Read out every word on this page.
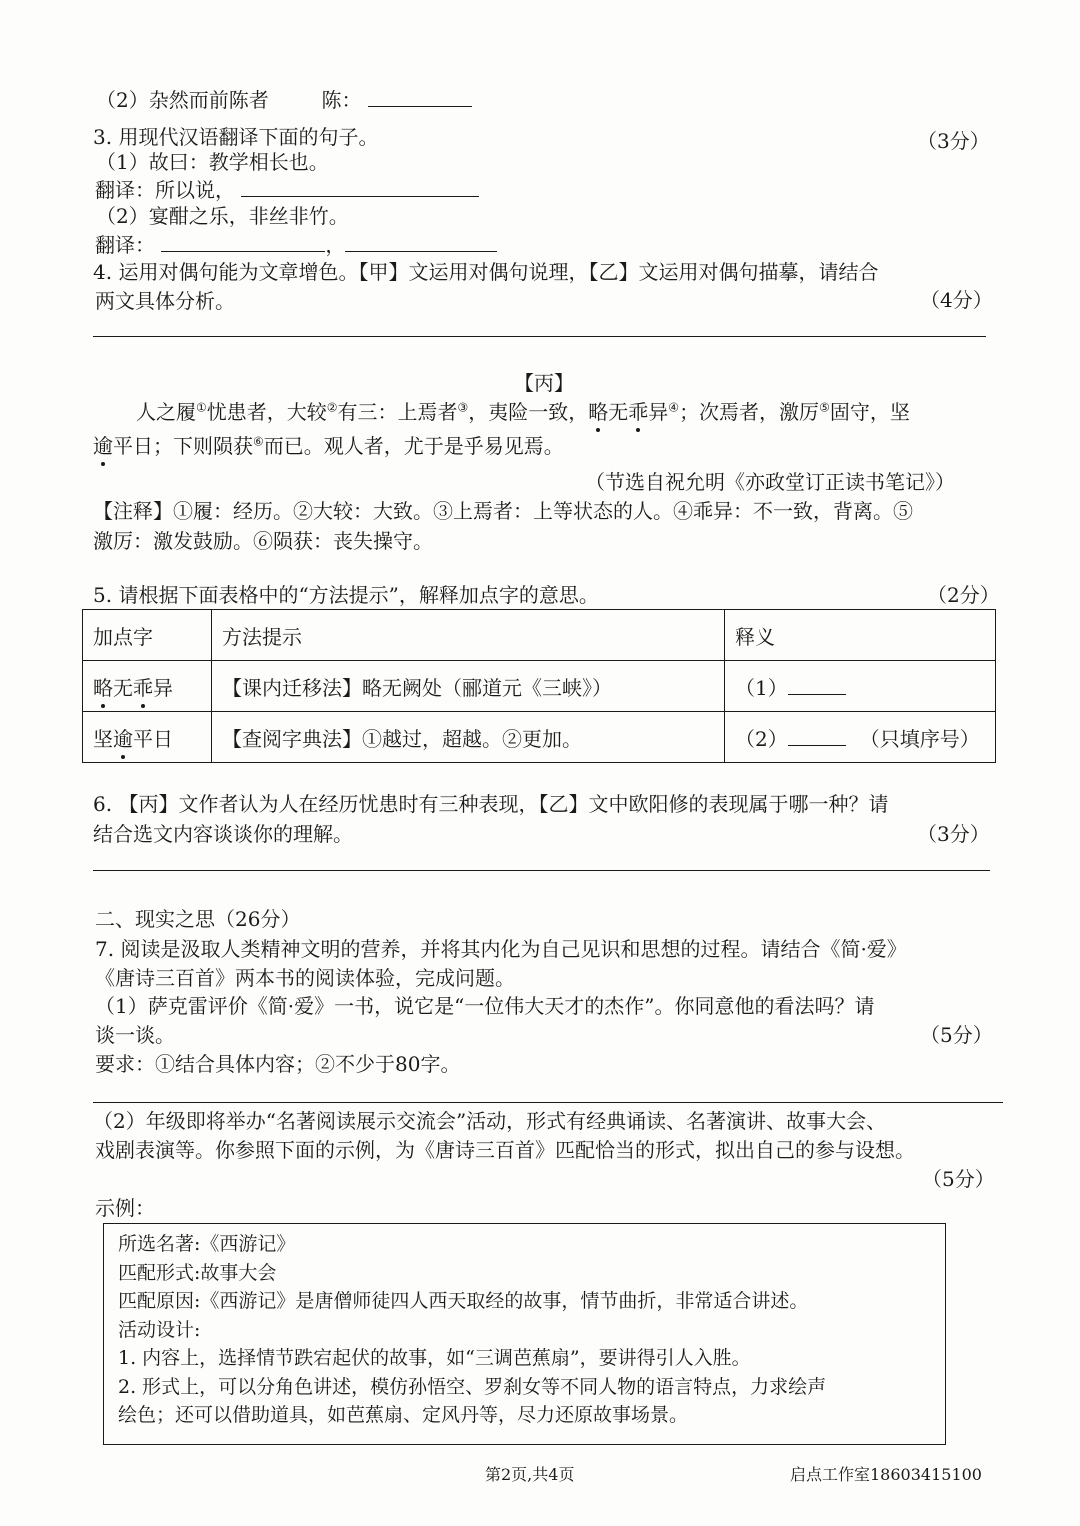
（2）杂然而前陈者	陈：
3. 用现代汉语翻译下面的句子。	（3分）
（1）故曰：教学相长也。
翻译：所以说，
（2）宴酣之乐，非丝非竹。
翻译：	，
4. 运用对偶句能为文章增色。【甲】文运用对偶句说理，【乙】文运用对偶句描摹，请结合
两文具体分析。	（4分）
【丙】
人之履①忧患者，大较②有三：上焉者③，夷险一致，略无乖异④；次焉者，激厉⑤固守，坚
逾平日；下则陨获⑥而已。观人者，尤于是乎易见焉。
（节选自祝允明《亦政堂订正读书笔记》）
【注释】①履：经历。②大较：大致。③上焉者：上等状态的人。④乖异：不一致，背离。⑤
激厉：激发鼓励。⑥陨获：丧失操守。
5. 请根据下面表格中的“方法提示”，解释加点字的意思。	（2分）
加点字	方法提示	释义
略无乖异	【课内迁移法】略无阙处（郦道元《三峡》）	（1）
坚逾平日	【查阅字典法】①越过，超越。②更加。	（2） （只填序号）
6. 【丙】文作者认为人在经历忧患时有三种表现，【乙】文中欧阳修的表现属于哪一种？请
结合选文内容谈谈你的理解。	（3分）
二、现实之思（26分）
7. 阅读是汲取人类精神文明的营养，并将其内化为自己见识和思想的过程。请结合《简·爱》
《唐诗三百首》两本书的阅读体验，完成问题。
（1）萨克雷评价《简·爱》一书，说它是“一位伟大天才的杰作”。你同意他的看法吗？请
谈一谈。	（5分）
要求：①结合具体内容；②不少于80字。
（2）年级即将举办“名著阅读展示交流会”活动，形式有经典诵读、名著演讲、故事大会、
戏剧表演等。你参照下面的示例，为《唐诗三百首》匹配恰当的形式，拟出自己的参与设想。
（5分）
示例：
所选名著:《西游记》
匹配形式:故事大会
匹配原因:《西游记》是唐僧师徒四人西天取经的故事，情节曲折，非常适合讲述。
活动设计:
1. 内容上，选择情节跌宕起伏的故事，如“三调芭蕉扇”，要讲得引人入胜。
2. 形式上，可以分角色讲述，模仿孙悟空、罗刹女等不同人物的语言特点，力求绘声
绘色；还可以借助道具，如芭蕉扇、定风丹等，尽力还原故事场景。
第2页,共4页	启点工作室18603415100
